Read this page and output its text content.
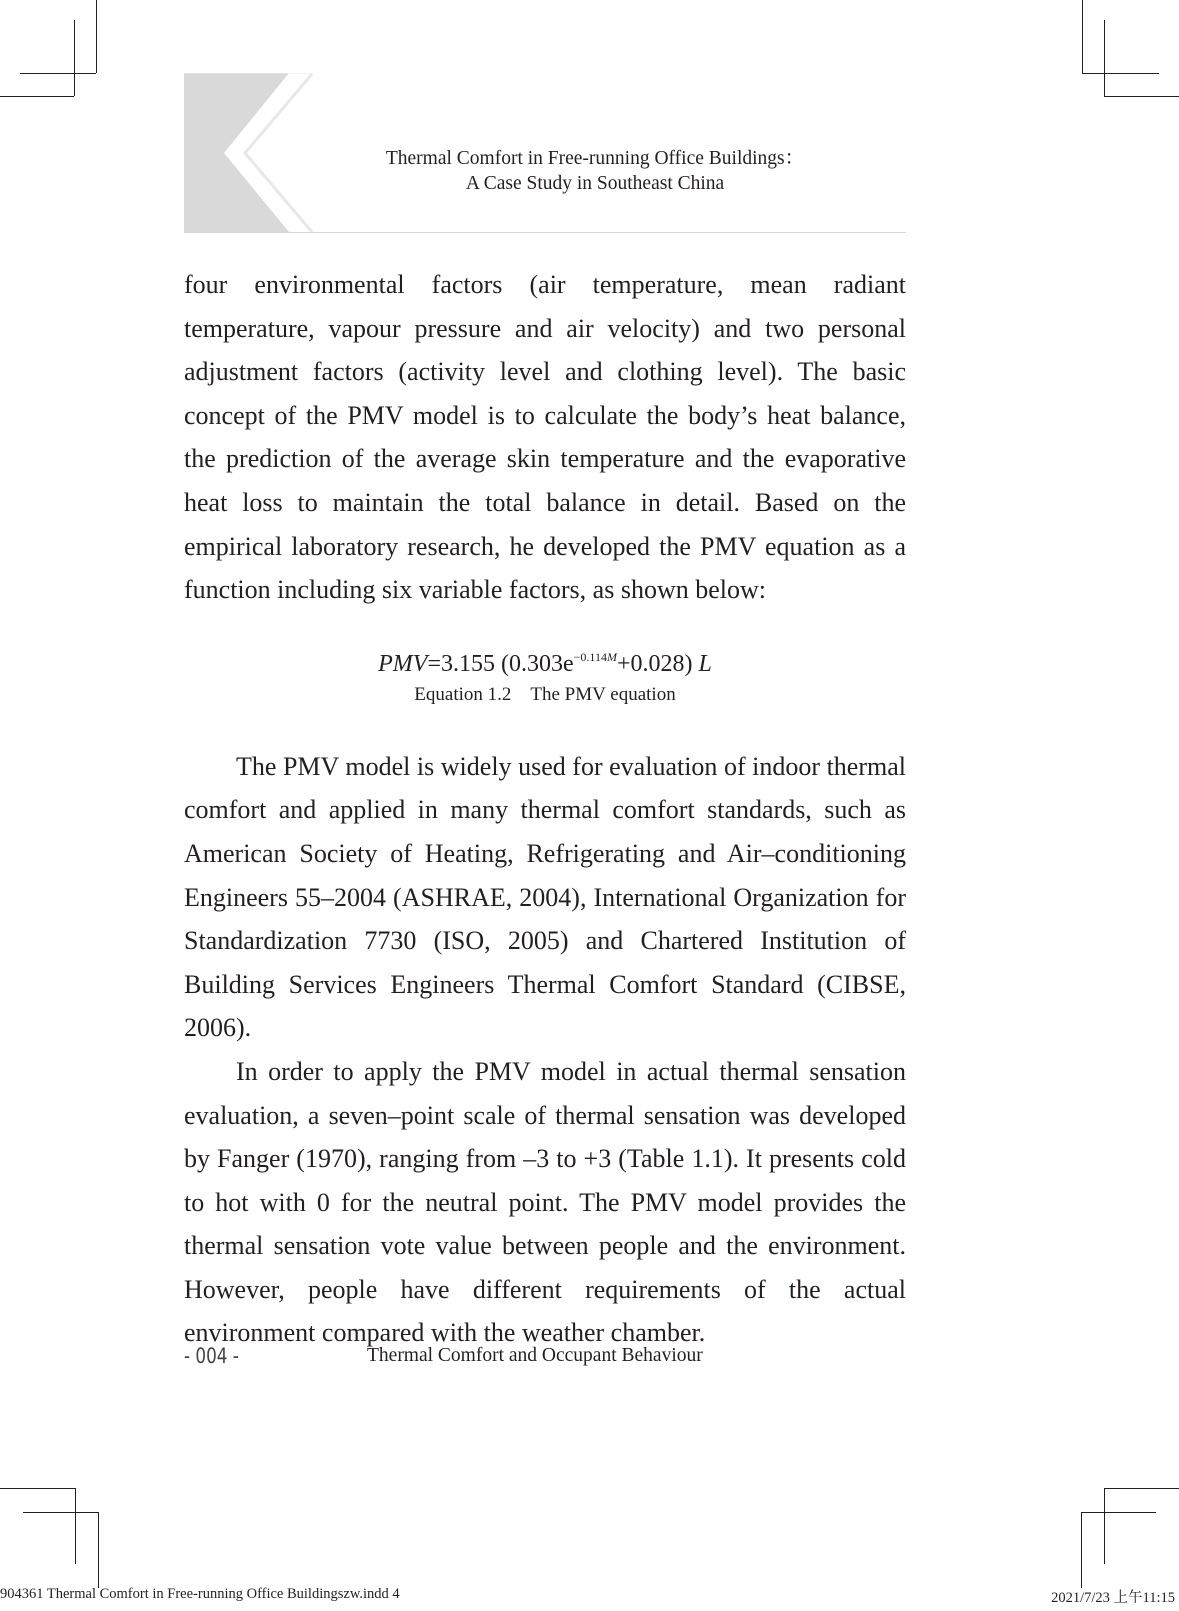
Thermal Comfort in Free-running Office Buildings：
A Case Study in Southeast China

four environmental factors (air temperature, mean radiant temperature, vapour pressure and air velocity) and two personal adjustment factors (activity level and clothing level). The basic concept of the PMV model is to calculate the body’s heat balance, the prediction of the average skin temperature and the evaporative heat loss to maintain the total balance in detail. Based on the empirical laboratory research, he developed the PMV equation as a function including six variable factors, as shown below:

PMV=3.155 $(0.303e^{-0.114M}+0.028)$ L

Equation 1.2　The PMV equation

The PMV model is widely used for evaluation of indoor thermal comfort and applied in many thermal comfort standards, such as American Society of Heating, Refrigerating and Air–conditioning Engineers 55–2004 (ASHRAE, 2004), International Organization for Standardization 7730 (ISO, 2005) and Chartered Institution of Building Services Engineers Thermal Comfort Standard (CIBSE, 2006).

In order to apply the PMV model in actual thermal sensation evaluation, a seven–point scale of thermal sensation was developed by Fanger (1970), ranging from –3 to +3 (Table 1.1). It presents cold to hot with 0 for the neutral point. The PMV model provides the thermal sensation vote value between people and the environment. However, people have different requirements of the actual environment compared with the weather chamber.

- 004 -	Thermal Comfort and Occupant Behaviour
904361 Thermal Comfort in Free-running Office Buildingszw.indd 4	2021/7/23 上午11:15
